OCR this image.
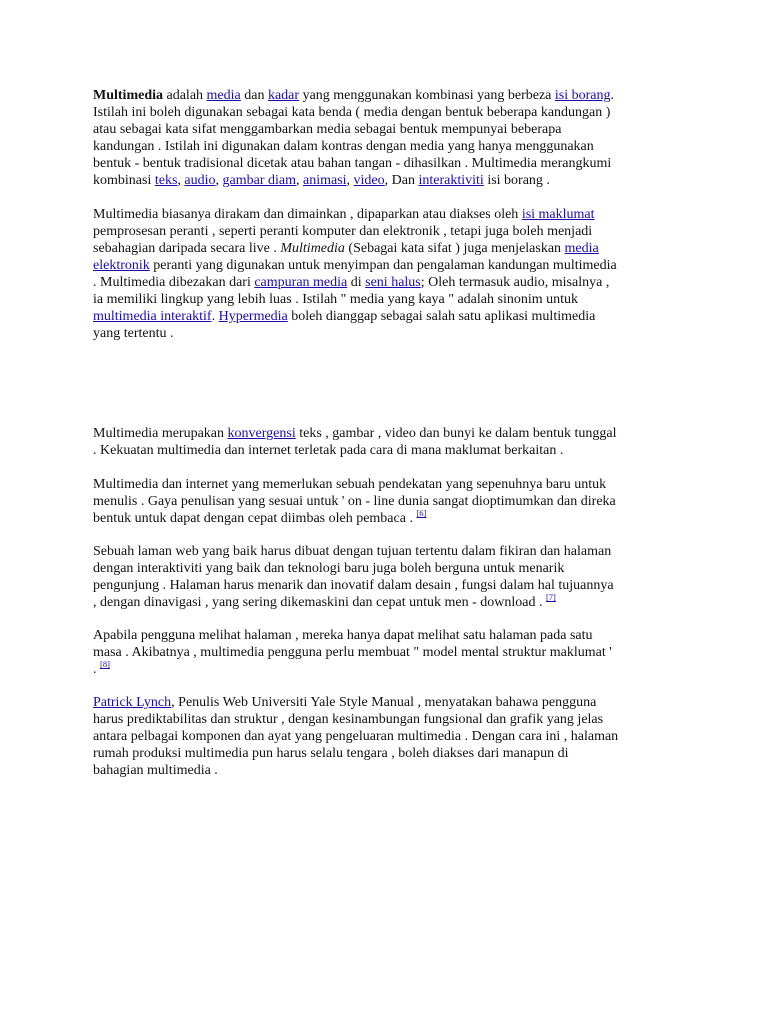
Multimedia adalah media dan kadar yang menggunakan kombinasi yang berbeza isi borang.
Istilah ini boleh digunakan sebagai kata benda ( media dengan bentuk beberapa kandungan )
atau sebagai kata sifat menggambarkan media sebagai bentuk mempunyai beberapa
kandungan . Istilah ini digunakan dalam kontras dengan media yang hanya menggunakan
bentuk - bentuk tradisional dicetak atau bahan tangan - dihasilkan . Multimedia merangkumi
kombinasi teks, audio, gambar diam, animasi, video, Dan interaktiviti isi borang .
Multimedia biasanya dirakam dan dimainkan , dipaparkan atau diakses oleh isi maklumat
pemprosesan peranti , seperti peranti komputer dan elektronik , tetapi juga boleh menjadi
sebahagian daripada secara live . Multimedia (Sebagai kata sifat ) juga menjelaskan media
elektronik peranti yang digunakan untuk menyimpan dan pengalaman kandungan multimedia
. Multimedia dibezakan dari campuran media di seni halus; Oleh termasuk audio, misalnya ,
ia memiliki lingkup yang lebih luas . Istilah " media yang kaya " adalah sinonim untuk
multimedia interaktif. Hypermedia boleh dianggap sebagai salah satu aplikasi multimedia
yang tertentu .
Multimedia merupakan konvergensi teks , gambar , video dan bunyi ke dalam bentuk tunggal
. Kekuatan multimedia dan internet terletak pada cara di mana maklumat berkaitan .
Multimedia dan internet yang memerlukan sebuah pendekatan yang sepenuhnya baru untuk
menulis . Gaya penulisan yang sesuai untuk ' on - line dunia sangat dioptimumkan dan direka
bentuk untuk dapat dengan cepat diimbas oleh pembaca . [6]
Sebuah laman web yang baik harus dibuat dengan tujuan tertentu dalam fikiran dan halaman
dengan interaktiviti yang baik dan teknologi baru juga boleh berguna untuk menarik
pengunjung . Halaman harus menarik dan inovatif dalam desain , fungsi dalam hal tujuannya
, dengan dinavigasi , yang sering dikemaskini dan cepat untuk men - download . [7]
Apabila pengguna melihat halaman , mereka hanya dapat melihat satu halaman pada satu
masa . Akibatnya , multimedia pengguna perlu membuat " model mental struktur maklumat '
. [8]
Patrick Lynch, Penulis Web Universiti Yale Style Manual , menyatakan bahawa pengguna
harus prediktabilitas dan struktur , dengan kesinambungan fungsional dan grafik yang jelas
antara pelbagai komponen dan ayat yang pengeluaran multimedia . Dengan cara ini , halaman
rumah produksi multimedia pun harus selalu tengara , boleh diakses dari manapun di
bahagian multimedia .
